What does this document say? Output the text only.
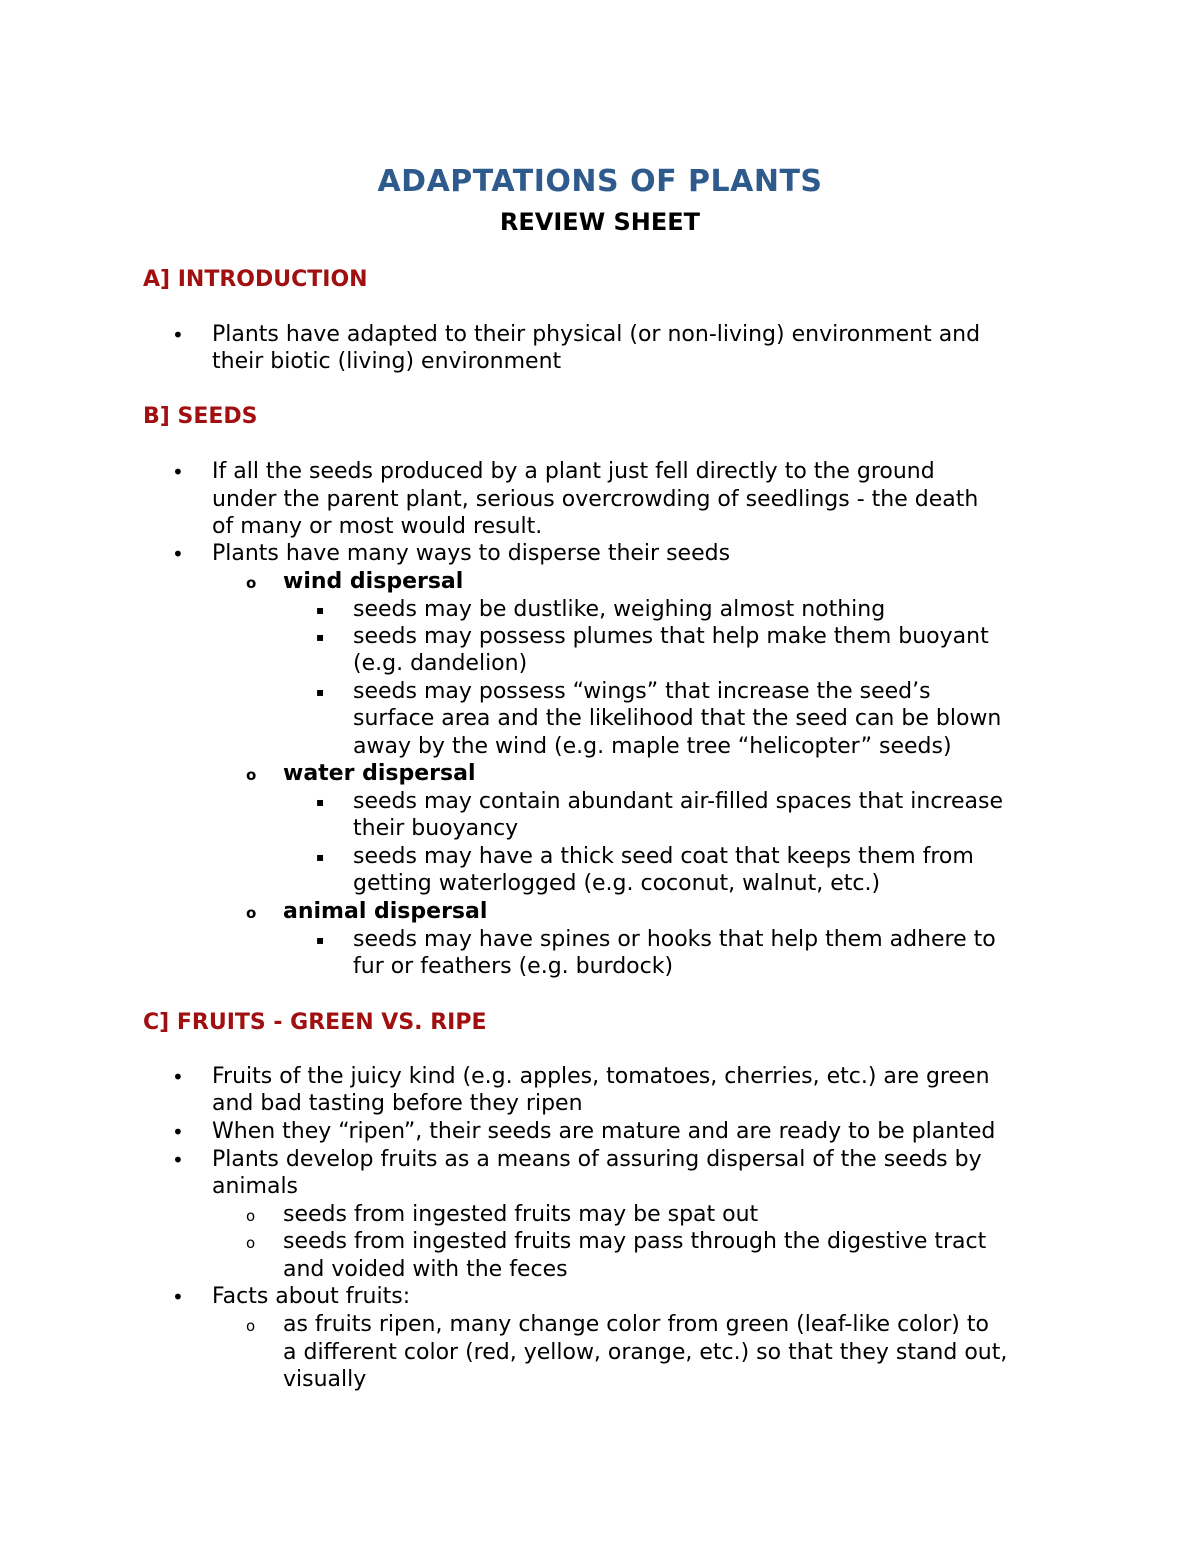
ADAPTATIONS OF PLANTS
REVIEW SHEET
A] INTRODUCTION
• Plants have adapted to their physical (or non-living) environment and
their biotic (living) environment
B] SEEDS
• If all the seeds produced by a plant just fell directly to the ground
under the parent plant, serious overcrowding of seedlings - the death
of many or most would result.
• Plants have many ways to disperse their seeds
o wind dispersal
▪ seeds may be dustlike, weighing almost nothing
▪ seeds may possess plumes that help make them buoyant
(e.g. dandelion)
▪ seeds may possess “wings” that increase the seed’s
surface area and the likelihood that the seed can be blown
away by the wind (e.g. maple tree “helicopter” seeds)
o water dispersal
▪ seeds may contain abundant air-filled spaces that increase
their buoyancy
▪ seeds may have a thick seed coat that keeps them from
getting waterlogged (e.g. coconut, walnut, etc.)
o animal dispersal
▪ seeds may have spines or hooks that help them adhere to
fur or feathers (e.g. burdock)
C] FRUITS - GREEN VS. RIPE
• Fruits of the juicy kind (e.g. apples, tomatoes, cherries, etc.) are green
and bad tasting before they ripen
• When they “ripen”, their seeds are mature and are ready to be planted
• Plants develop fruits as a means of assuring dispersal of the seeds by
animals
o seeds from ingested fruits may be spat out
o seeds from ingested fruits may pass through the digestive tract
and voided with the feces
• Facts about fruits:
o as fruits ripen, many change color from green (leaf-like color) to
a different color (red, yellow, orange, etc.) so that they stand out,
visually
